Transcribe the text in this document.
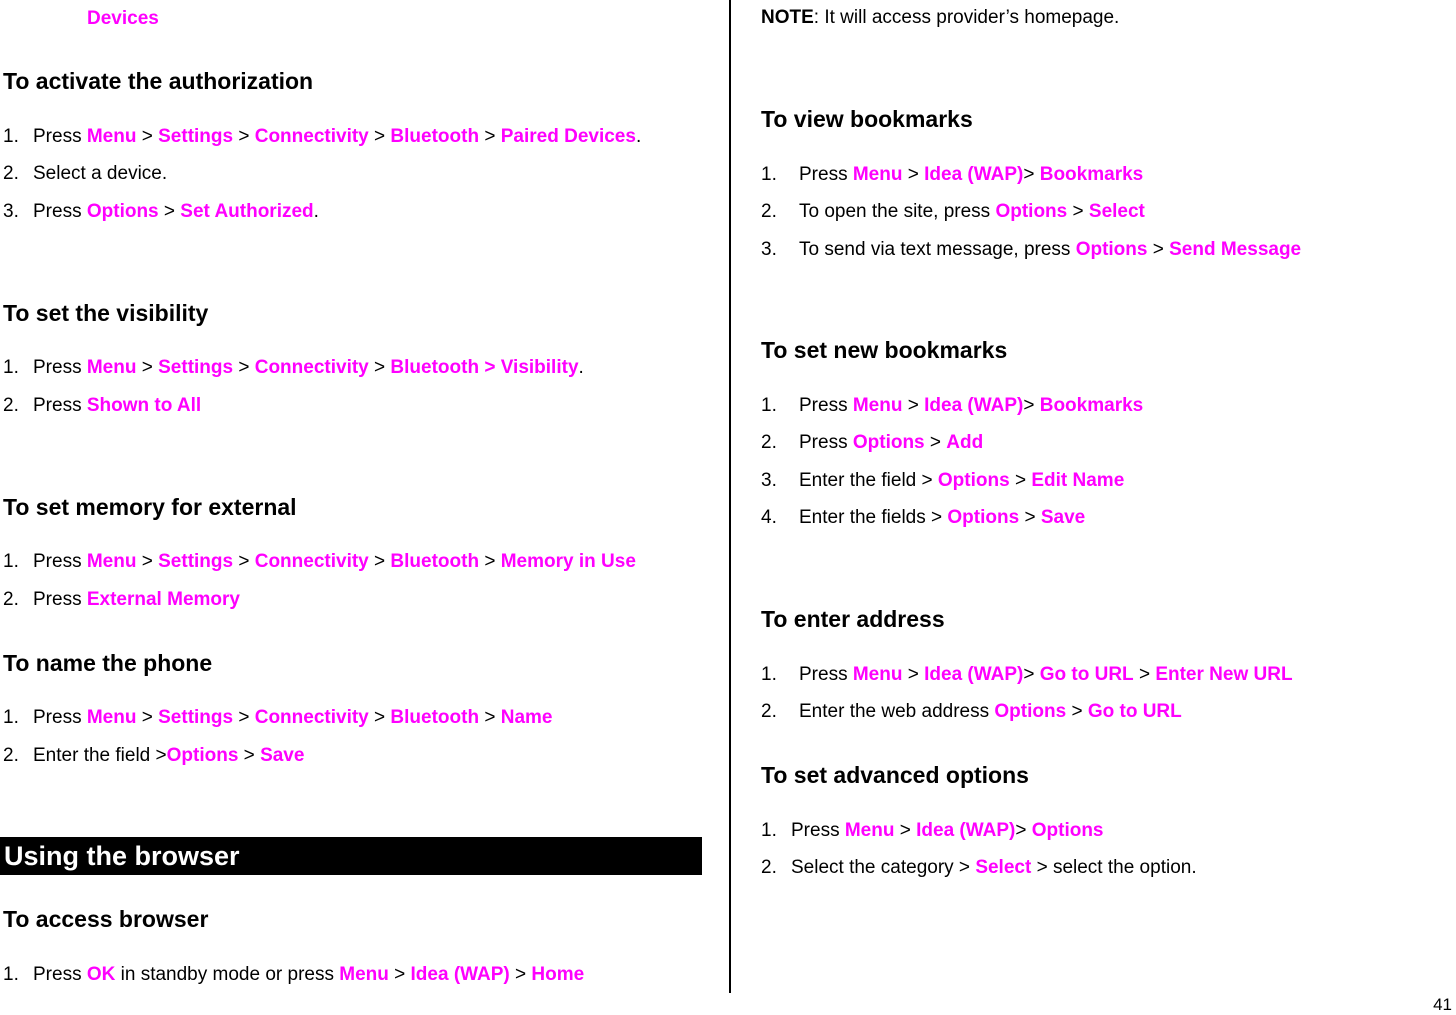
Devices
To activate the authorization
1. Press Menu > Settings > Connectivity > Bluetooth > Paired Devices.
2. Select a device.
3. Press Options > Set Authorized.
To set the visibility
1. Press Menu > Settings > Connectivity > Bluetooth > Visibility.
2. Press Shown to All
To set memory for external
1. Press Menu > Settings > Connectivity > Bluetooth > Memory in Use
2. Press External Memory
To name the phone
1. Press Menu > Settings > Connectivity > Bluetooth > Name
2. Enter the field >Options > Save
Using the browser
To access browser
1. Press OK in standby mode or press Menu > Idea (WAP) > Home
NOTE: It will access provider’s homepage.
To view bookmarks
1. Press Menu > Idea (WAP)> Bookmarks
2. To open the site, press Options > Select
3. To send via text message, press Options > Send Message
To set new bookmarks
1. Press Menu > Idea (WAP)> Bookmarks
2. Press Options > Add
3. Enter the field > Options > Edit Name
4. Enter the fields > Options > Save
To enter address
1. Press Menu > Idea (WAP)> Go to URL > Enter New URL
2. Enter the web address Options > Go to URL
To set advanced options
1. Press Menu > Idea (WAP)> Options
2. Select the category > Select > select the option.
41
